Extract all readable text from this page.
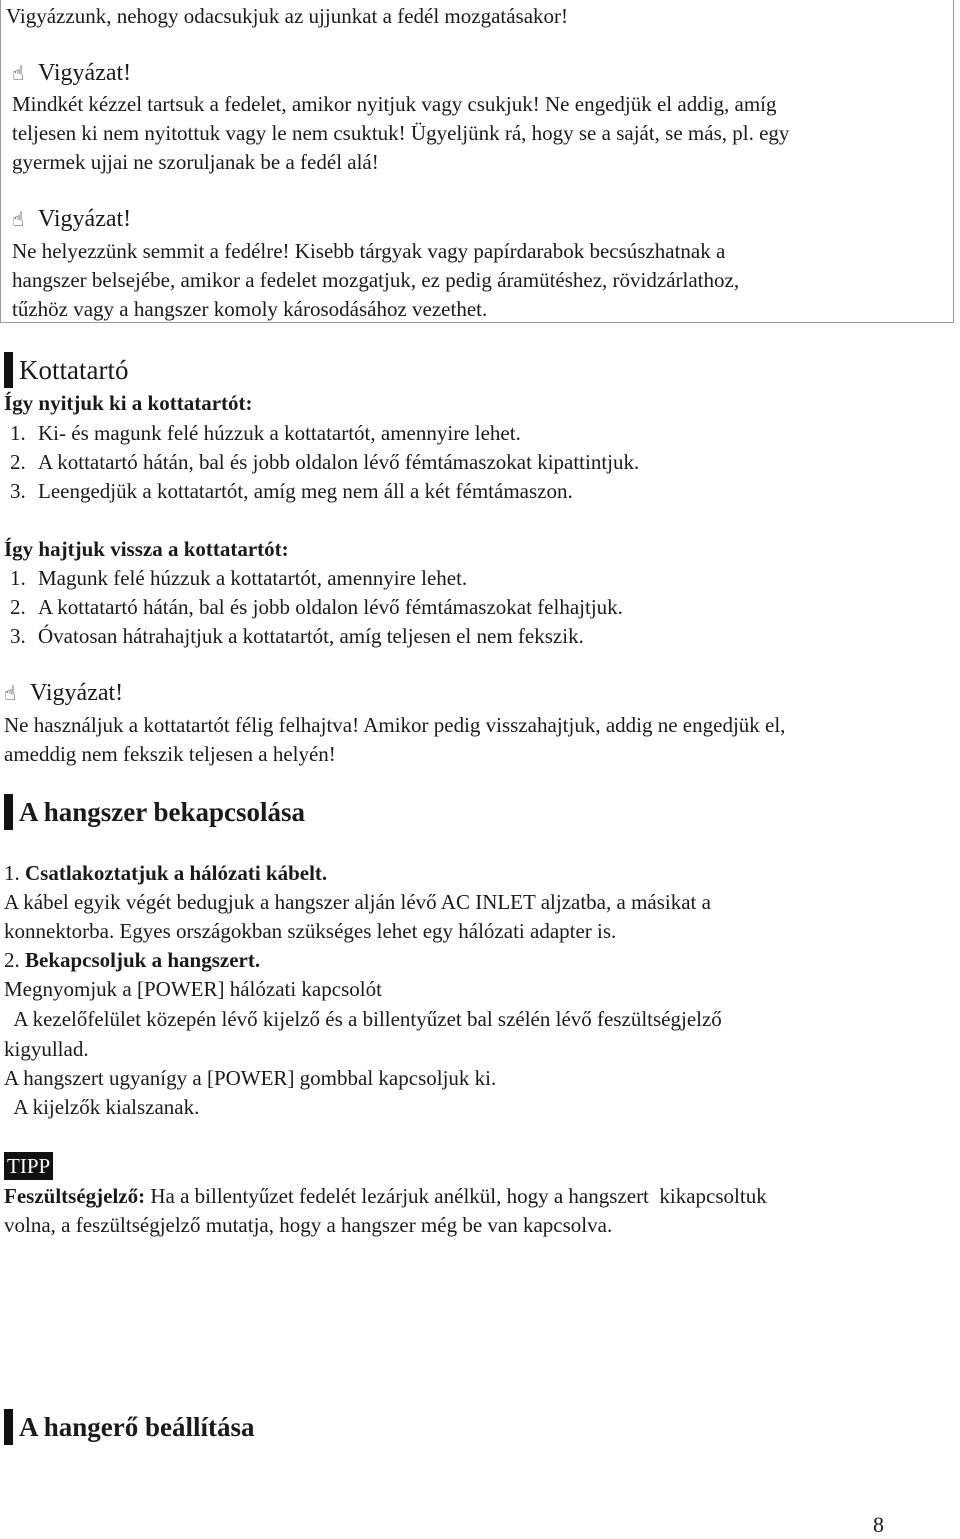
Vigyázzunk, nehogy odacsukjuk az ujjunkat a fedél mozgatásakor!

☝ Vigyázat!

Mindkét kézzel tartsuk a fedelet, amikor nyitjuk vagy csukjuk! Ne engedjük el addig, amíg

teljesen ki nem nyitottuk vagy le nem csuktuk! Ügyeljünk rá, hogy se a saját, se más, pl. egy

gyermek ujjai ne szoruljanak be a fedél alá!

☝ Vigyázat!

Ne helyezzünk semmit a fedélre! Kisebb tárgyak vagy papírdarabok becsúszhatnak a

hangszer belsejébe, amikor a fedelet mozgatjuk, ez pedig áramütéshez, rövidzárlathoz,

tűzhöz vagy a hangszer komoly károsodásához vezethet.

Kottatartó

Így nyitjuk ki a kottatartót:

1. Ki- és magunk felé húzzuk a kottatartót, amennyire lehet.
2. A kottatartó hátán, bal és jobb oldalon lévő fémtámaszokat kipattintjuk.
3. Leengedjük a kottatartót, amíg meg nem áll a két fémtámaszon.

Így hajtjuk vissza a kottatartót:

1. Magunk felé húzzuk a kottatartót, amennyire lehet.
2. A kottatartó hátán, bal és jobb oldalon lévő fémtámaszokat felhajtjuk.
3. Óvatosan hátrahajtjuk a kottatartót, amíg teljesen el nem fekszik.
☝ Vigyázat!

Ne használjuk a kottatartót félig felhajtva! Amikor pedig visszahajtjuk, addig ne engedjük el,

ameddig nem fekszik teljesen a helyén!

A hangszer bekapcsolása

1. Csatlakoztatjuk a hálózati kábelt.

A kábel egyik végét bedugjuk a hangszer alján lévő AC INLET aljzatba, a másikat a

konnektorba. Egyes országokban szükséges lehet egy hálózati adapter is.

2. Bekapcsoljuk a hangszert.

Megnyomjuk a [POWER] hálózati kapcsolót

A kezelőfelület közepén lévő kijelző és a billentyűzet bal szélén lévő feszültségjelző

kigyullad.

A hangszert ugyanígy a [POWER] gombbal kapcsoljuk ki.

A kijelzők kialszanak.

TIPP

Feszültségjelző: Ha a billentyűzet fedelét lezárjuk anélkül, hogy a hangszert  kikapcsoltuk

volna, a feszültségjelző mutatja, hogy a hangszer még be van kapcsolva.

A hangerő beállítása
8
